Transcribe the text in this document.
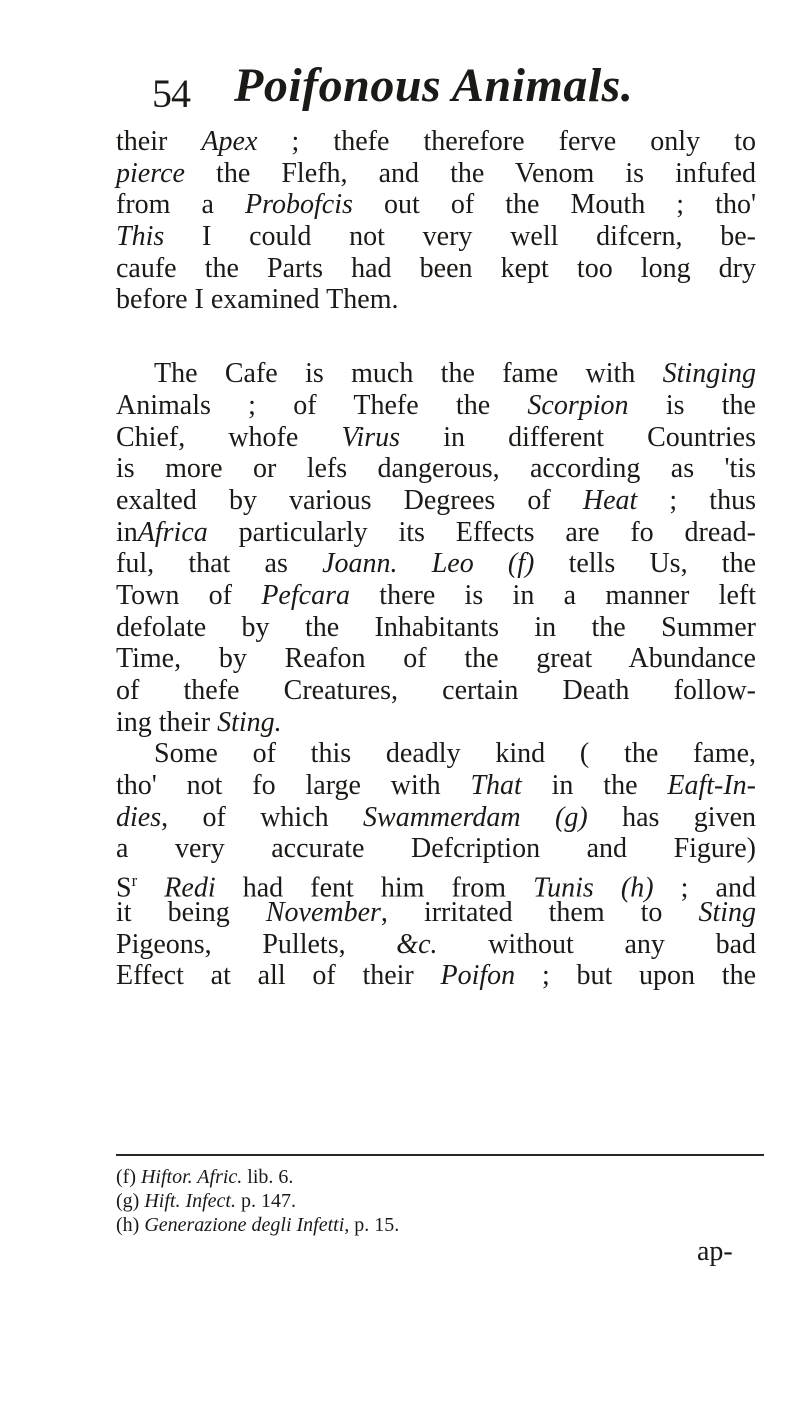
54 Poifonous Animals.
their Apex ; thefe therefore ferve only to
pierce the Flefh, and the Venom is infufed
from a Probofcis out of the Mouth ; tho'
This I could not very well difcern, be-
caufe the Parts had been kept too long dry
before I examined Them.
The Cafe is much the fame with Stinging
Animals ; of Thefe the Scorpion is the
Chief, whofe Virus in different Countries
is more or lefs dangerous, according as 'tis
exalted by various Degrees of Heat ; thus
inAfrica particularly its Effects are fo dread-
ful, that as Joann. Leo (f) tells Us, the
Town of Pefcara there is in a manner left
defolate by the Inhabitants in the Summer
Time, by Reafon of the great Abundance
of thefe Creatures, certain Death follow-
ing their Sting.
Some of this deadly kind ( the fame,
tho' not fo large with That in the Eaft-In-
dies, of which Swammerdam (g) has given
a very accurate Defcription and Figure)
$S^r$ Redi had fent him from Tunis (h) ; and
it being November, irritated them to Sting
Pigeons, Pullets, &c. without any bad
Effect at all of their Poifon ; but upon the
(f) Hiftor. Afric. lib. 6.
(g) Hift. Infect. p. 147.
(h) Generazione degli Infetti, p. 15.
ap-
